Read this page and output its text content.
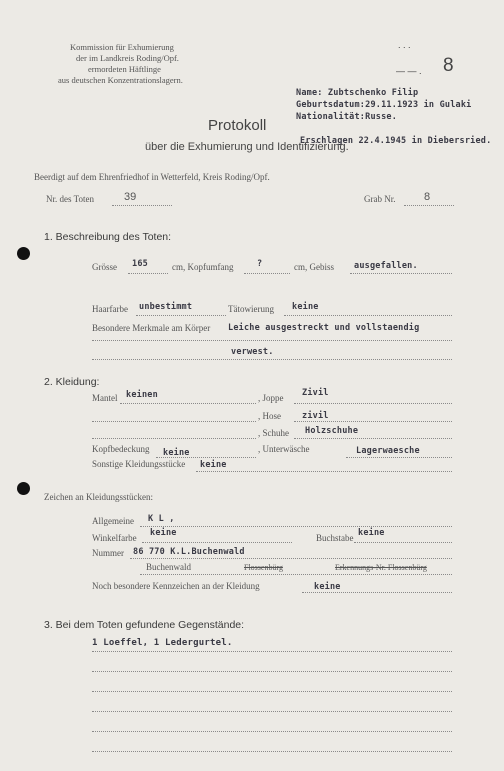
Kommission für Exhumierung
der im Landkreis Roding/Opf.
ermordeten Häftlinge
aus deutschen Konzentrationslagern.
. . .
— — . 8
Name: Zubtschenko Filip
Geburtsdatum:29.11.1923 in Gulaki
Nationalität:Russe.
Erschlagen 22.4.1945 in Diebersried.
Protokoll
über die Exhumierung und Identifizierung.
Beerdigt auf dem Ehrenfriedhof in Wetterfeld, Kreis Roding/Opf.
Nr. des Toten	39	Grab Nr.	8
1. Beschreibung des Toten:
Grösse 165	cm, Kopfumfang	?	cm, Gebiss ausgefallen.
Haarfarbe unbestimmt	Tätowierung keine
Besondere Merkmale am Körper Leiche ausgestreckt und vollstaendig
verwest.
2. Kleidung:
Mantel keinen	, Joppe Zivil
, Hose zivil
, Schuhe Holzschuhe
Kopfbedeckung keine	, Unterwäsche	Lagerwaesche
Sonstige Kleidungsstücke keine
Zeichen an Kleidungsstücken:
Allgemeine K L ,
Winkelfarbe keine	Buchstabe keine
Nummer 86 770 K.L.Buchenwald
Buchenwald	Flossenbürg	Erkennungs-Nr. Flossenbürg
Noch besondere Kennzeichen an der Kleidung	keine
3. Bei dem Toten gefundene Gegenstände:
1 Loeffel, 1 Ledergurtel.
